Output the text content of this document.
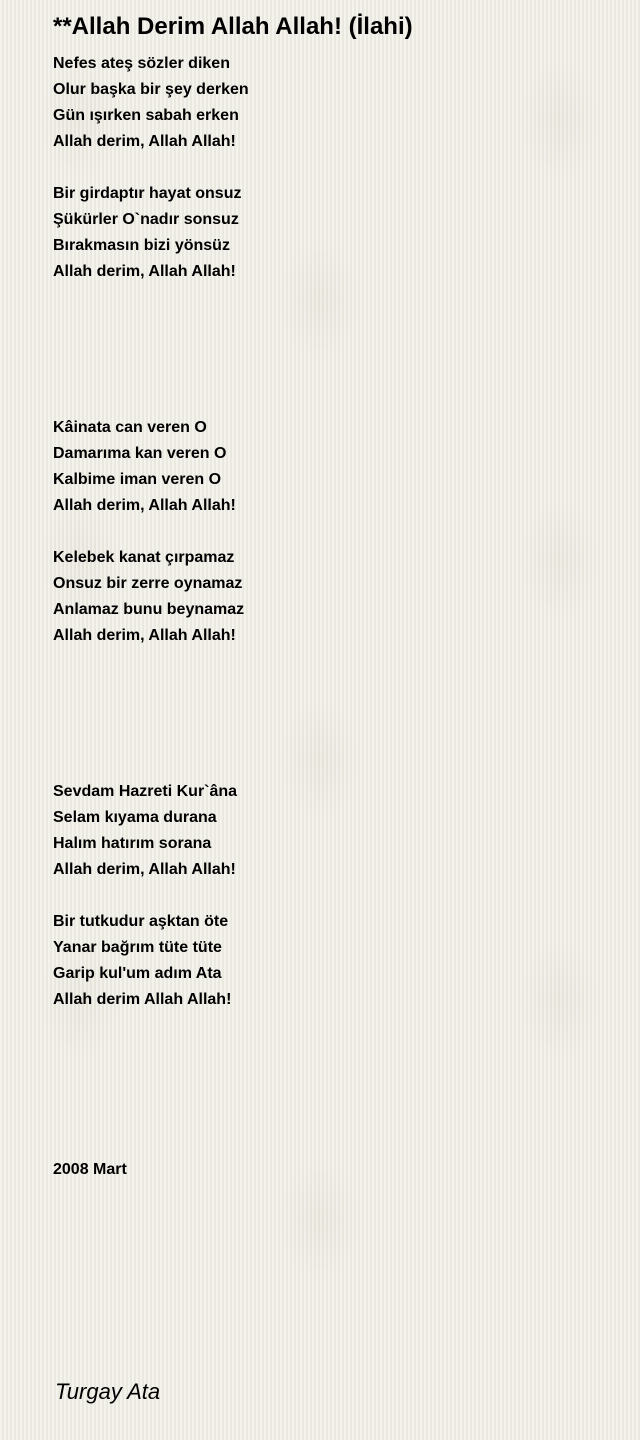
**Allah Derim Allah Allah! (İlahi)
Nefes ateş sözler diken
Olur başka bir şey derken
Gün ışırken sabah erken
Allah derim, Allah Allah!
Bir girdaptır hayat onsuz
Şükürler O`nadır sonsuz
Bırakmasın bizi yönsüz
Allah derim, Allah Allah!
Kâinata can veren O
Damarıma kan veren O
Kalbime iman veren O
Allah derim, Allah Allah!
Kelebek kanat çırpamaz
Onsuz bir zerre oynamaz
Anlamaz bunu beynamaz
Allah derim, Allah Allah!
Sevdam Hazreti Kur`âna
Selam kıyama durana
Halım hatırım sorana
Allah derim, Allah Allah!
Bir tutkudur aşktan öte
Yanar bağrım tüte tüte
Garip kul'um adım Ata
Allah derim Allah Allah!
2008 Mart
Turgay Ata
